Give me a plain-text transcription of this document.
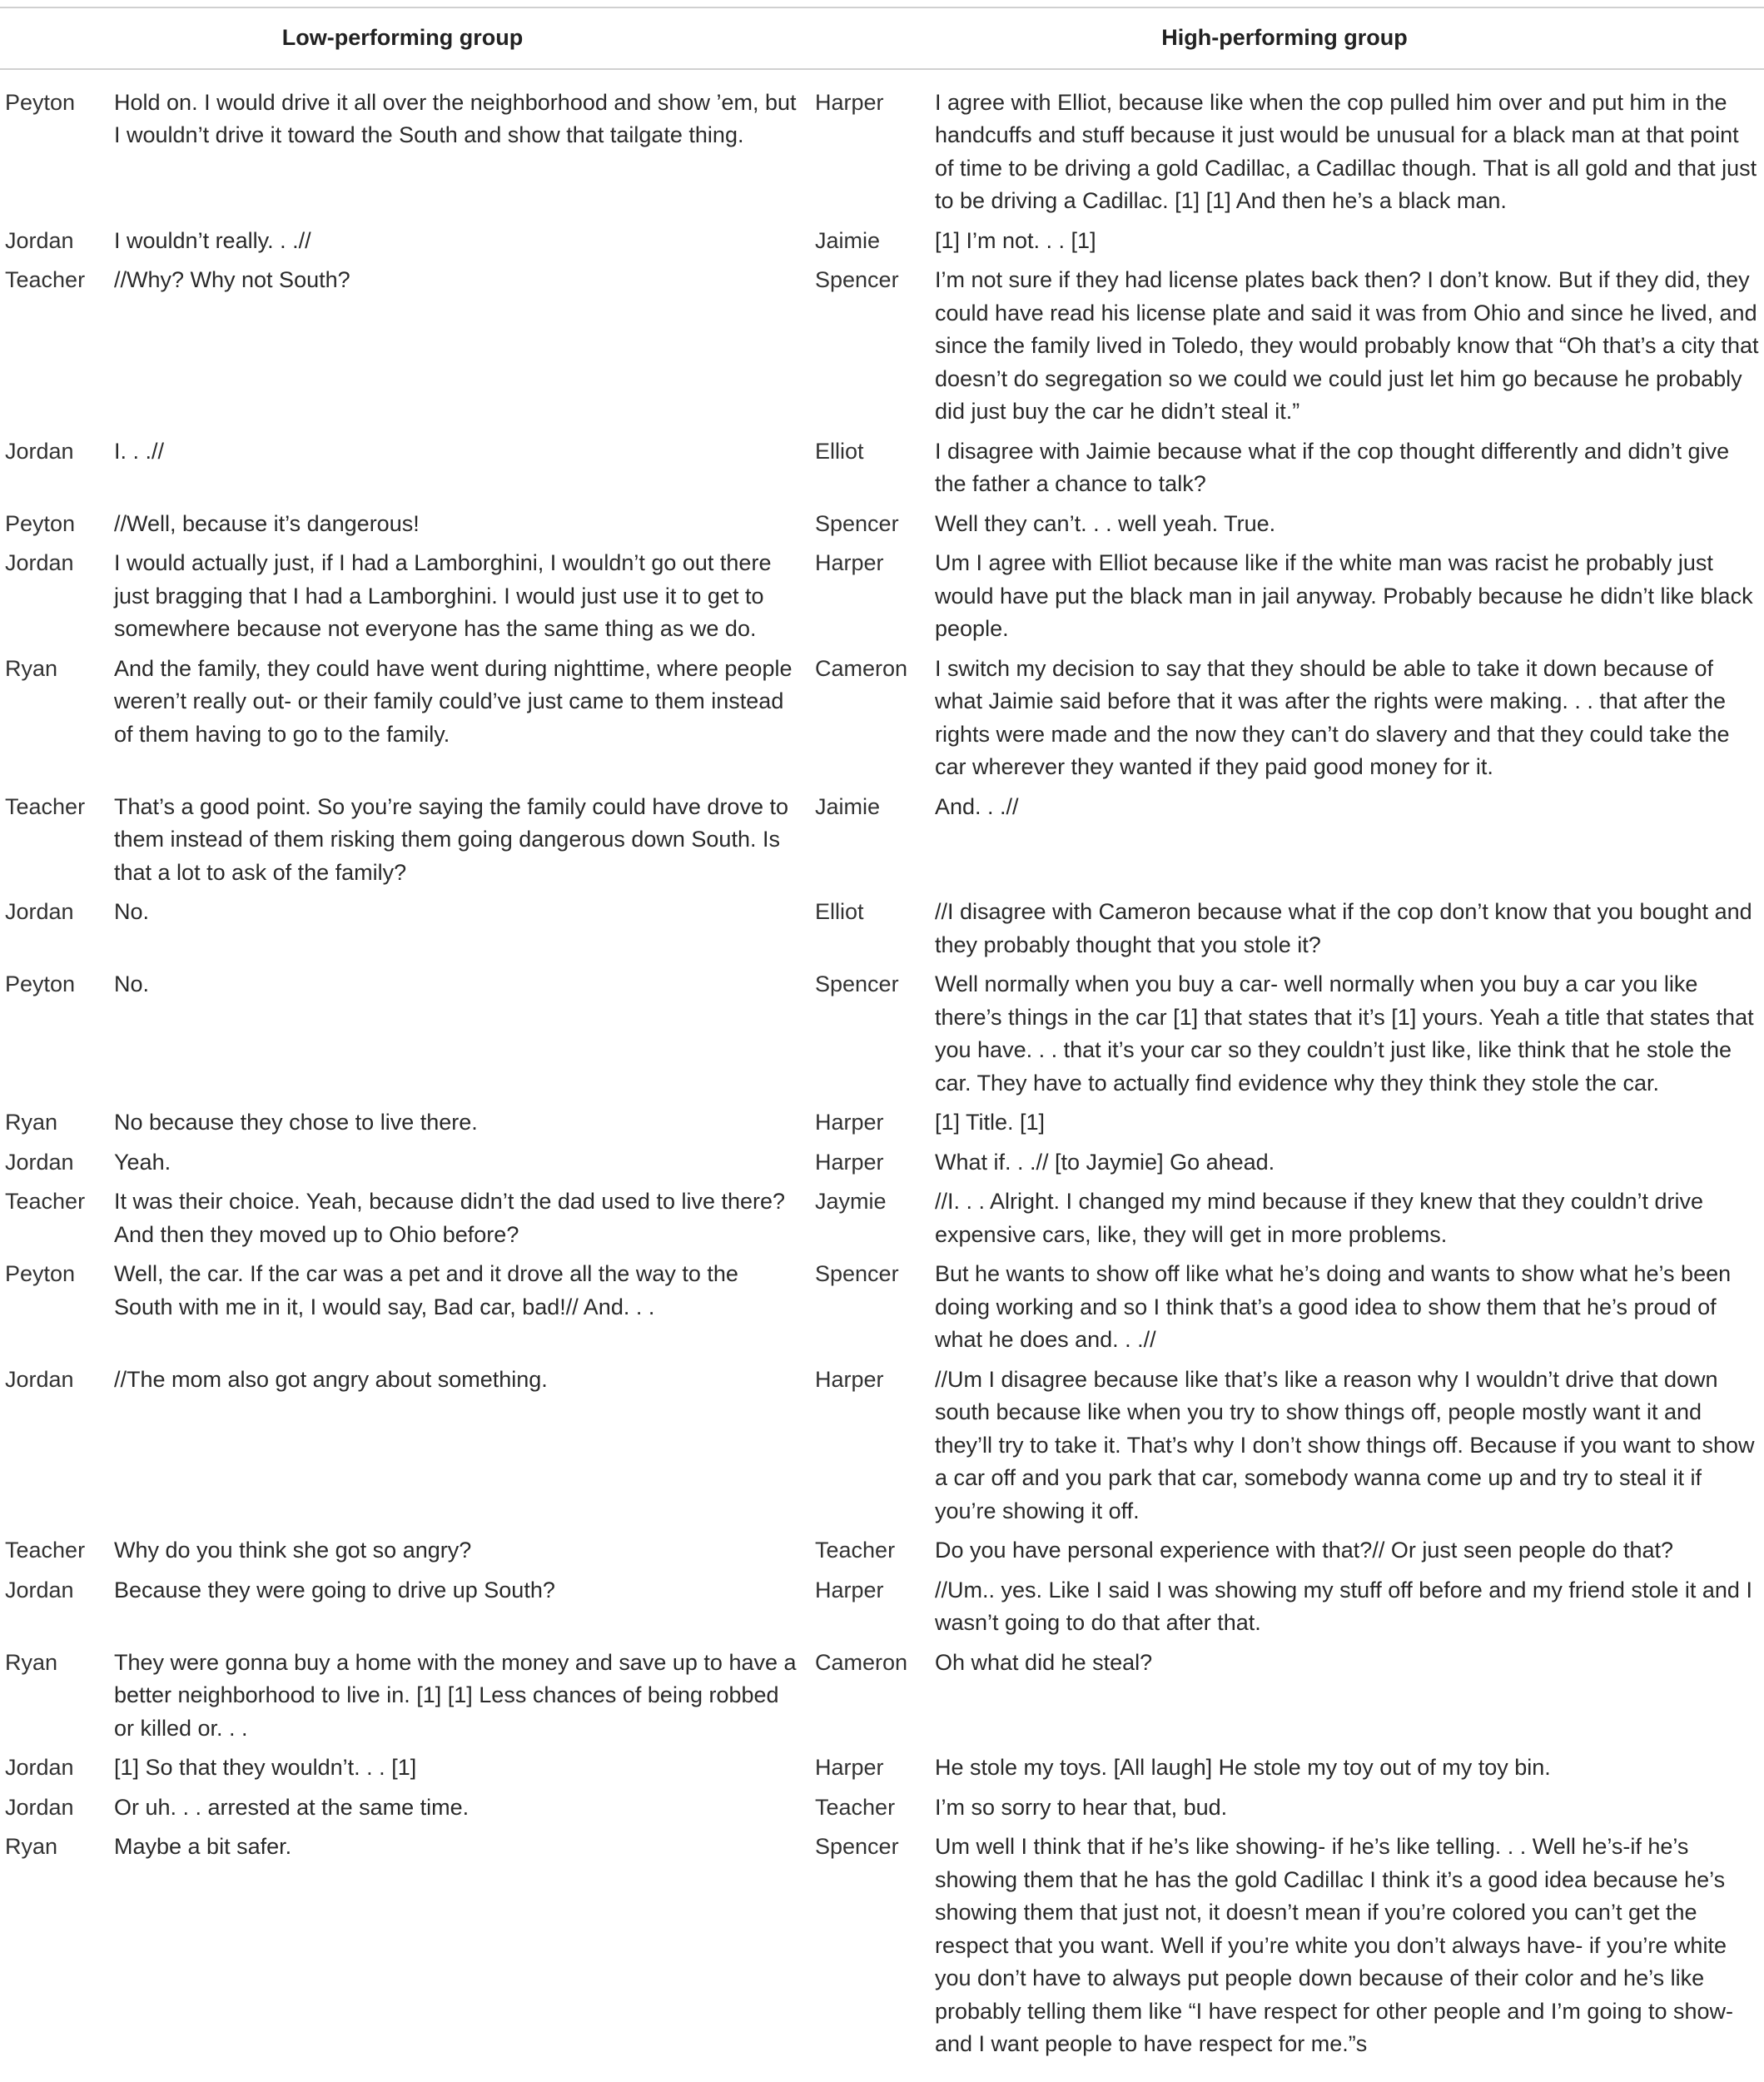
Low-performing group		High-performing group	
Peyton	Hold on. I would drive it all over the neighborhood and show ’em, but I wouldn’t drive it toward the South and show that tailgate thing.	Harper	I agree with Elliot, because like when the cop pulled him over and put him in the handcuffs and stuff because it just would be unusual for a black man at that point of time to be driving a gold Cadillac, a Cadillac though. That is all gold and that just to be driving a Cadillac. [1] [1] And then he’s a black man.
Jordan	I wouldn’t really. . .//	Jaimie	[1] I’m not. . . [1]
Teacher	//Why? Why not South?	Spencer	I’m not sure if they had license plates back then? I don’t know. But if they did, they could have read his license plate and said it was from Ohio and since he lived, and since the family lived in Toledo, they would probably know that “Oh that’s a city that doesn’t do segregation so we could we could just let him go because he probably did just buy the car he didn’t steal it.”
Jordan	I. . .//	Elliot	I disagree with Jaimie because what if the cop thought differently and didn’t give the father a chance to talk?
Peyton	//Well, because it’s dangerous!	Spencer	Well they can’t. . . well yeah. True.
Jordan	I would actually just, if I had a Lamborghini, I wouldn’t go out there just bragging that I had a Lamborghini. I would just use it to get to somewhere because not everyone has the same thing as we do.	Harper	Um I agree with Elliot because like if the white man was racist he probably just would have put the black man in jail anyway. Probably because he didn’t like black people.
Ryan	And the family, they could have went during nighttime, where people weren’t really out- or their family could’ve just came to them instead of them having to go to the family.	Cameron	I switch my decision to say that they should be able to take it down because of what Jaimie said before that it was after the rights were making. . . that after the rights were made and the now they can’t do slavery and that they could take the car wherever they wanted if they paid good money for it.
Teacher	That’s a good point. So you’re saying the family could have drove to them instead of them risking them going dangerous down South. Is that a lot to ask of the family?	Jaimie	And. . .//
Jordan	No.	Elliot	//I disagree with Cameron because what if the cop don’t know that you bought and they probably thought that you stole it?
Peyton	No.	Spencer	Well normally when you buy a car- well normally when you buy a car you like there’s things in the car [1] that states that it’s [1] yours. Yeah a title that states that you have. . . that it’s your car so they couldn’t just like, like think that he stole the car. They have to actually find evidence why they think they stole the car.
Ryan	No because they chose to live there.	Harper	[1] Title. [1]
Jordan	Yeah.	Harper	What if. . .// [to Jaymie] Go ahead.
Teacher	It was their choice. Yeah, because didn’t the dad used to live there? And then they moved up to Ohio before?	Jaymie	//I. . . Alright. I changed my mind because if they knew that they couldn’t drive expensive cars, like, they will get in more problems.
Peyton	Well, the car. If the car was a pet and it drove all the way to the South with me in it, I would say, Bad car, bad!// And. . .	Spencer	But he wants to show off like what he’s doing and wants to show what he’s been doing working and so I think that’s a good idea to show them that he’s proud of what he does and. . .//
Jordan	//The mom also got angry about something.	Harper	//Um I disagree because like that’s like a reason why I wouldn’t drive that down south because like when you try to show things off, people mostly want it and they’ll try to take it. That’s why I don’t show things off. Because if you want to show a car off and you park that car, somebody wanna come up and try to steal it if you’re showing it off.
Teacher	Why do you think she got so angry?	Teacher	Do you have personal experience with that?// Or just seen people do that?
Jordan	Because they were going to drive up South?	Harper	//Um.. yes. Like I said I was showing my stuff off before and my friend stole it and I wasn’t going to do that after that.
Ryan	They were gonna buy a home with the money and save up to have a better neighborhood to live in. [1] [1] Less chances of being robbed or killed or. . .	Cameron	Oh what did he steal?
Jordan	[1] So that they wouldn’t. . . [1]	Harper	He stole my toys. [All laugh] He stole my toy out of my toy bin.
Jordan	Or uh. . . arrested at the same time.	Teacher	I’m so sorry to hear that, bud.
Ryan	Maybe a bit safer.	Spencer	Um well I think that if he’s like showing- if he’s like telling. . . Well he’s-if he’s showing them that he has the gold Cadillac I think it’s a good idea because he’s showing them that just not, it doesn’t mean if you’re colored you can’t get the respect that you want. Well if you’re white you don’t always have- if you’re white you don’t have to always put people down because of their color and he’s like probably telling them like “I have respect for other people and I’m going to show- and I want people to have respect for me.”s
